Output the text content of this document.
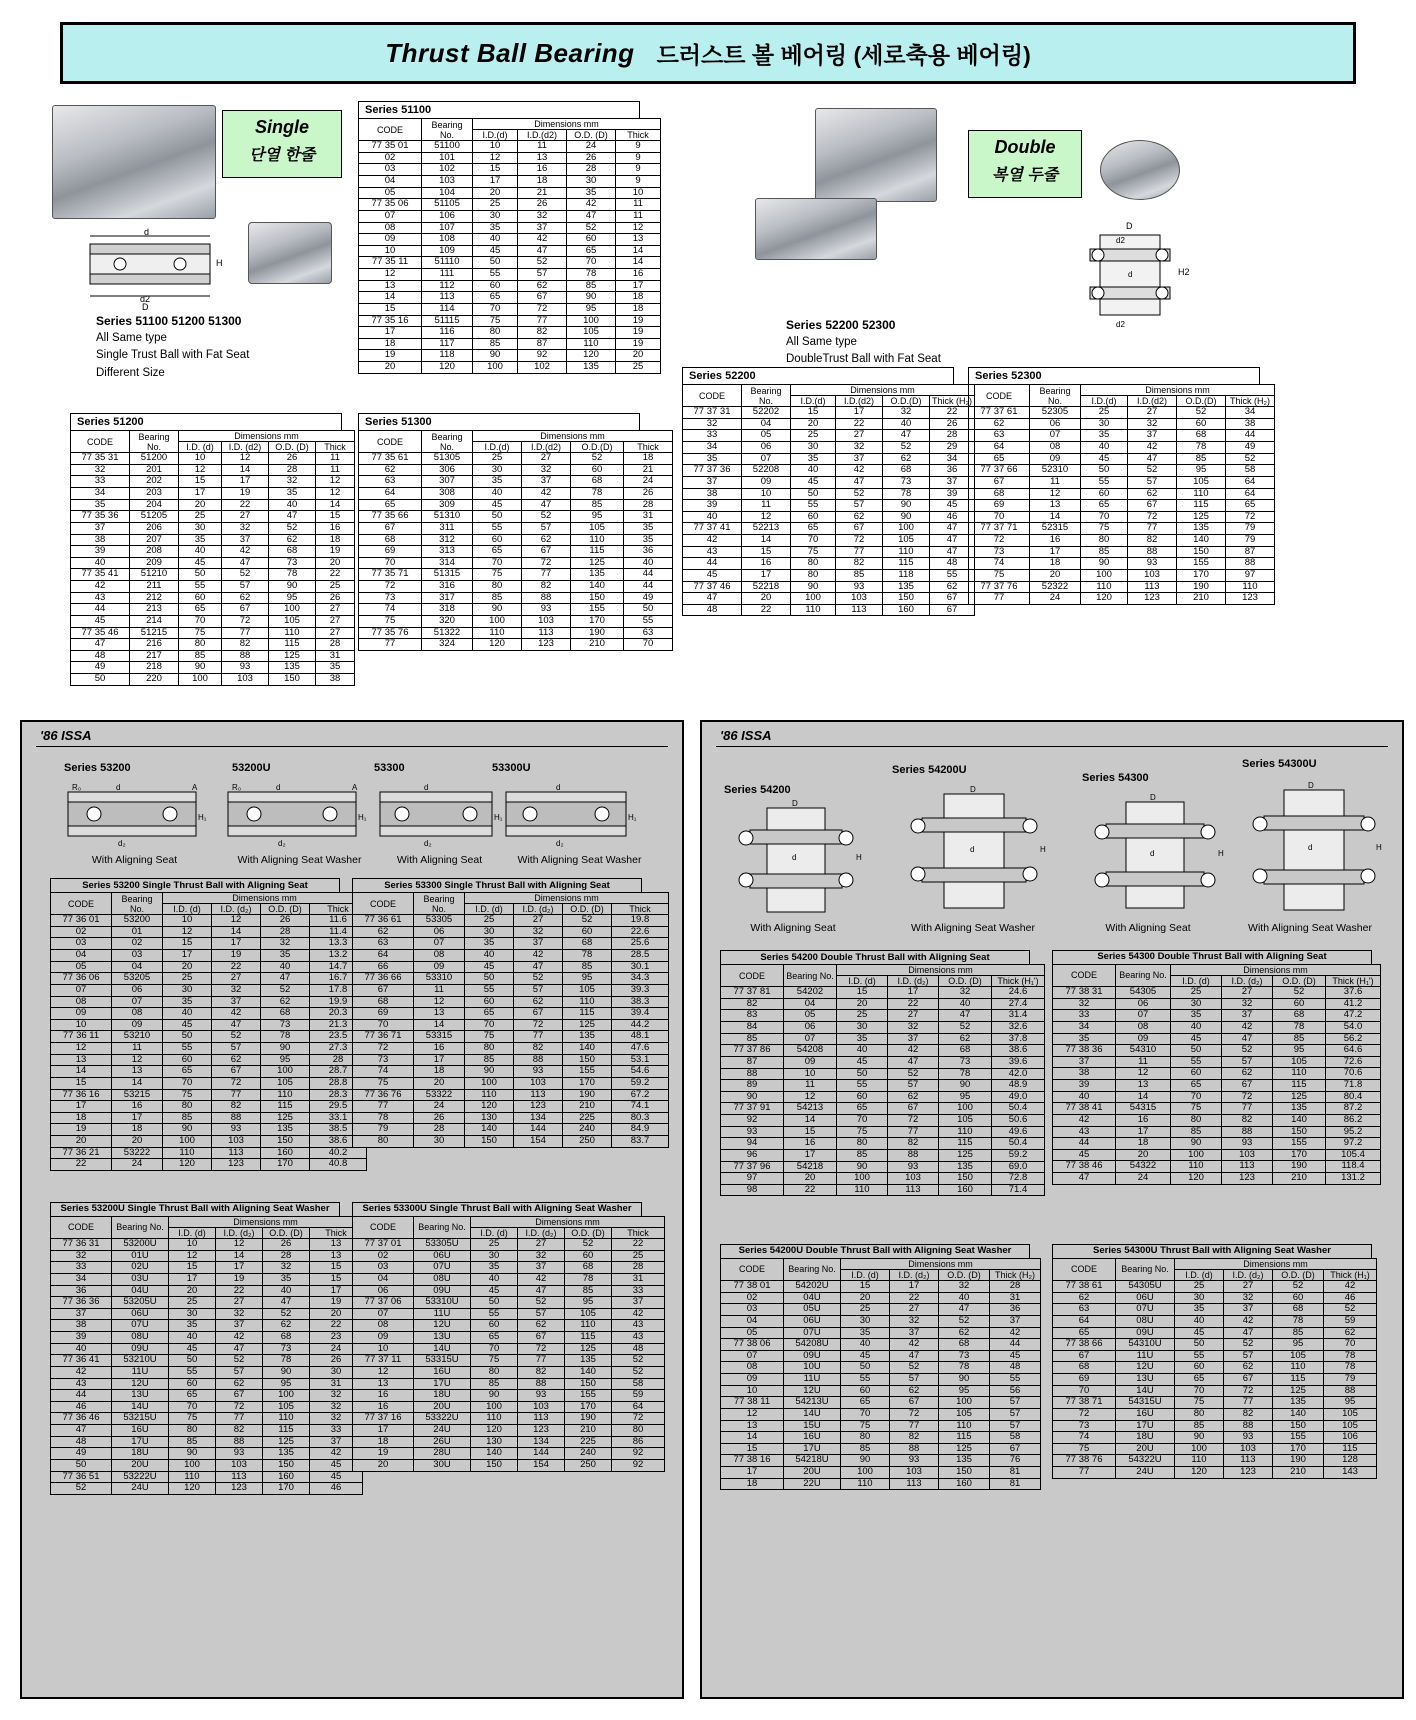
Thrust Ball Bearing 드러스트 볼 베어링 (세로축용 베어링)
Single
단열 한줄
d
d2
D
H
Series 51100 51200 51300
All Same type
Single Trust Ball with Fat Seat
Different Size
Double
복열 두줄
Series 52200 52300
All Same type
DoubleTrust Ball with Fat Seat
D
d2
d
d2
H2
Series 51100
CODE	Bearing No.	Dimensions mm			
		I.D.(d)	I.D.(d2)	O.D. (D)	Thick
77 35 01	51100	10	11	24	9
02	101	12	13	26	9
03	102	15	16	28	9
04	103	17	18	30	9
05	104	20	21	35	10
77 35 06	51105	25	26	42	11
07	106	30	32	47	11
08	107	35	37	52	12
09	108	40	42	60	13
10	109	45	47	65	14
77 35 11	51110	50	52	70	14
12	111	55	57	78	16
13	112	60	62	85	17
14	113	65	67	90	18
15	114	70	72	95	18
77 35 16	51115	75	77	100	19
17	116	80	82	105	19
18	117	85	87	110	19
19	118	90	92	120	20
20	120	100	102	135	25
Series 51200
CODE	Bearing No.	Dimensions mm			
		I.D. (d)	I.D. (d2)	O.D. (D)	Thick
77 35 31	51200	10	12	26	11
32	201	12	14	28	11
33	202	15	17	32	12
34	203	17	19	35	12
35	204	20	22	40	14
77 35 36	51205	25	27	47	15
37	206	30	32	52	16
38	207	35	37	62	18
39	208	40	42	68	19
40	209	45	47	73	20
77 35 41	51210	50	52	78	22
42	211	55	57	90	25
43	212	60	62	95	26
44	213	65	67	100	27
45	214	70	72	105	27
77 35 46	51215	75	77	110	27
47	216	80	82	115	28
48	217	85	88	125	31
49	218	90	93	135	35
50	220	100	103	150	38
Series 51300
CODE	Bearing No.	Dimensions mm			
		I.D.(d)	I.D.(d2)	O.D.(D)	Thick
77 35 61	51305	25	27	52	18
62	306	30	32	60	21
63	307	35	37	68	24
64	308	40	42	78	26
65	309	45	47	85	28
77 35 66	51310	50	52	95	31
67	311	55	57	105	35
68	312	60	62	110	35
69	313	65	67	115	36
70	314	70	72	125	40
77 35 71	51315	75	77	135	44
72	316	80	82	140	44
73	317	85	88	150	49
74	318	90	93	155	50
75	320	100	103	170	55
77 35 76	51322	110	113	190	63
77	324	120	123	210	70
Series 52200
CODE	Bearing No.	Dimensions mm			
		I.D.(d)	I.D.(d2)	O.D.(D)	Thick (H₂)
77 37 31	52202	15	17	32	22
32	04	20	22	40	26
33	05	25	27	47	28
34	06	30	32	52	29
35	07	35	37	62	34
77 37 36	52208	40	42	68	36
37	09	45	47	73	37
38	10	50	52	78	39
39	11	55	57	90	45
40	12	60	62	90	46
77 37 41	52213	65	67	100	47
42	14	70	72	105	47
43	15	75	77	110	47
44	16	80	82	115	48
45	17	80	85	118	55
77 37 46	52218	90	93	135	62
47	20	100	103	150	67
48	22	110	113	160	67
Series 52300
CODE	Bearing No.	Dimensions mm			
		I.D.(d)	I.D.(d2)	O.D.(D)	Thick (H₂)
77 37 61	52305	25	27	52	34
62	06	30	32	60	38
63	07	35	37	68	44
64	08	40	42	78	49
65	09	45	47	85	52
77 37 66	52310	50	52	95	58
67	11	55	57	105	64
68	12	60	62	110	64
69	13	65	67	115	65
70	14	70	72	125	72
77 37 71	52315	75	77	135	79
72	16	80	82	140	79
73	17	85	88	150	87
74	18	90	93	155	88
75	20	100	103	170	97
77 37 76	52322	110	113	190	110
77	24	120	123	210	123
'86 ISSA
Series 53200	53200U	53300	53300U
R₀	d	A
d₂
H₁
R₀	d	A
d₂
H₁
d
d₂
H₁
d
d₂
H₁
With Aligning Seat	With Aligning Seat Washer	With Aligning Seat	With Aligning Seat Washer
Series 53200 Single Thrust Ball with Aligning Seat
CODE	Bearing No.	Dimensions mm			
		I.D. (d)	I.D. (d₂)	O.D. (D)	Thick
77 36 01	53200	10	12	26	11.6
02	01	12	14	28	11.4
03	02	15	17	32	13.3
04	03	17	19	35	13.2
05	04	20	22	40	14.7
77 36 06	53205	25	27	47	16.7
07	06	30	32	52	17.8
08	07	35	37	62	19.9
09	08	40	42	68	20.3
10	09	45	47	73	21.3
77 36 11	53210	50	52	78	23.5
12	11	55	57	90	27.3
13	12	60	62	95	28
14	13	65	67	100	28.7
15	14	70	72	105	28.8
77 36 16	53215	75	77	110	28.3
17	16	80	82	115	29.5
18	17	85	88	125	33.1
19	18	90	93	135	38.5
20	20	100	103	150	38.6
77 36 21	53222	110	113	160	40.2
22	24	120	123	170	40.8
Series 53300 Single Thrust Ball with Aligning Seat
CODE	Bearing No.	Dimensions mm			
		I.D. (d)	I.D. (d₂)	O.D. (D)	Thick
77 36 61	53305	25	27	52	19.8
62	06	30	32	60	22.6
63	07	35	37	68	25.6
64	08	40	42	78	28.5
66	09	45	47	85	30.1
77 36 66	53310	50	52	95	34.3
67	11	55	57	105	39.3
68	12	60	62	110	38.3
69	13	65	67	115	39.4
70	14	70	72	125	44.2
77 36 71	53315	75	77	135	48.1
72	16	80	82	140	47.6
73	17	85	88	150	53.1
74	18	90	93	155	54.6
75	20	100	103	170	59.2
77 36 76	53322	110	113	190	67.2
77	24	120	123	210	74.1
78	26	130	134	225	80.3
79	28	140	144	240	84.9
80	30	150	154	250	83.7
Series 53200U Single Thrust Ball with Aligning Seat Washer
CODE	Bearing No.	Dimensions mm			
		I.D. (d)	I.D. (d₂)	O.D. (D)	Thick
77 36 31	53200U	10	12	26	13
32	01U	12	14	28	13
33	02U	15	17	32	15
34	03U	17	19	35	15
36	04U	20	22	40	17
77 36 36	53205U	25	27	47	19
37	06U	30	32	52	20
38	07U	35	37	62	22
39	08U	40	42	68	23
40	09U	45	47	73	24
77 36 41	53210U	50	52	78	26
42	11U	55	57	90	30
43	12U	60	62	95	31
44	13U	65	67	100	32
46	14U	70	72	105	32
77 36 46	53215U	75	77	110	32
47	16U	80	82	115	33
48	17U	85	88	125	37
49	18U	90	93	135	42
50	20U	100	103	150	45
77 36 51	53222U	110	113	160	45
52	24U	120	123	170	46
Series 53300U Single Thrust Ball with Aligning Seat Washer
CODE	Bearing No.	Dimensions mm			
		I.D. (d)	I.D. (d₂)	O.D. (D)	Thick
77 37 01	53305U	25	27	52	22
02	06U	30	32	60	25
03	07U	35	37	68	28
04	08U	40	42	78	31
06	09U	45	47	85	33
77 37 06	53310U	50	52	95	37
07	11U	55	57	105	42
08	12U	60	62	110	43
09	13U	65	67	115	43
10	14U	70	72	125	48
77 37 11	53315U	75	77	135	52
12	16U	80	82	140	52
13	17U	85	88	150	58
16	18U	90	93	155	59
16	20U	100	103	170	64
77 37 16	53322U	110	113	190	72
17	24U	120	123	210	80
18	26U	130	134	225	86
19	28U	140	144	240	92
20	30U	150	154	250	92
'86 ISSA
Series 54200
Series 54200U
Series 54300
Series 54300U
D
d	H
D
d	H
D
d	H
D
d	H
With Aligning Seat	With Aligning Seat Washer	With Aligning Seat	With Aligning Seat Washer
Series 54200 Double Thrust Ball with Aligning Seat
CODE	Bearing No.	Dimensions mm			
		I.D. (d)	I.D. (d₂)	O.D. (D)	Thick (H₁')
77 37 81	54202	15	17	32	24.6
82	04	20	22	40	27.4
83	05	25	27	47	31.4
84	06	30	32	52	32.6
85	07	35	37	62	37.8
77 37 86	54208	40	42	68	38.6
87	09	45	47	73	39.6
88	10	50	52	78	42.0
89	11	55	57	90	48.9
90	12	60	62	95	49.0
77 37 91	54213	65	67	100	50.4
92	14	70	72	105	50.6
93	15	75	77	110	49.6
94	16	80	82	115	50.4
96	17	85	88	125	59.2
77 37 96	54218	90	93	135	69.0
97	20	100	103	150	72.8
98	22	110	113	160	71.4
Series 54300 Double Thrust Ball with Aligning Seat
CODE	Bearing No.	Dimensions mm			
		I.D. (d)	I.D. (d₂)	O.D. (D)	Thick (H₁')
77 38 31	54305	25	27	52	37.6
32	06	30	32	60	41.2
33	07	35	37	68	47.2
34	08	40	42	78	54.0
35	09	45	47	85	56.2
77 38 36	54310	50	52	95	64.6
37	11	55	57	105	72.6
38	12	60	62	110	70.6
39	13	65	67	115	71.8
40	14	70	72	125	80.4
77 38 41	54315	75	77	135	87.2
42	16	80	82	140	86.2
43	17	85	88	150	95.2
44	18	90	93	155	97.2
45	20	100	103	170	105.4
77 38 46	54322	110	113	190	118.4
47	24	120	123	210	131.2
Series 54200U Double Thrust Ball with Aligning Seat Washer
CODE	Bearing No.	Dimensions mm			
		I.D. (d)	I.D. (d₂)	O.D. (D)	Thick (H₂)
77 38 01	54202U	15	17	32	28
02	04U	20	22	40	31
03	05U	25	27	47	36
04	06U	30	32	52	37
05	07U	35	37	62	42
77 38 06	54208U	40	42	68	44
07	09U	45	47	73	45
08	10U	50	52	78	48
09	11U	55	57	90	55
10	12U	60	62	95	56
77 38 11	54213U	65	67	100	57
12	14U	70	72	105	57
13	15U	75	77	110	57
14	16U	80	82	115	58
15	17U	85	88	125	67
77 38 16	54218U	90	93	135	76
17	20U	100	103	150	81
18	22U	110	113	160	81
Series 54300U Thrust Ball with Aligning Seat Washer
CODE	Bearing No.	Dimensions mm			
		I.D. (d)	I.D. (d₂)	O.D. (D)	Thick (H₁)
77 38 61	54305U	25	27	52	42
62	06U	30	32	60	46
63	07U	35	37	68	52
64	08U	40	42	78	59
65	09U	45	47	85	62
77 38 66	54310U	50	52	95	70
67	11U	55	57	105	78
68	12U	60	62	110	78
69	13U	65	67	115	79
70	14U	70	72	125	88
77 38 71	54315U	75	77	135	95
72	16U	80	82	140	105
73	17U	85	88	150	105
74	18U	90	93	155	106
75	20U	100	103	170	115
77 38 76	54322U	110	113	190	128
77	24U	120	123	210	143
